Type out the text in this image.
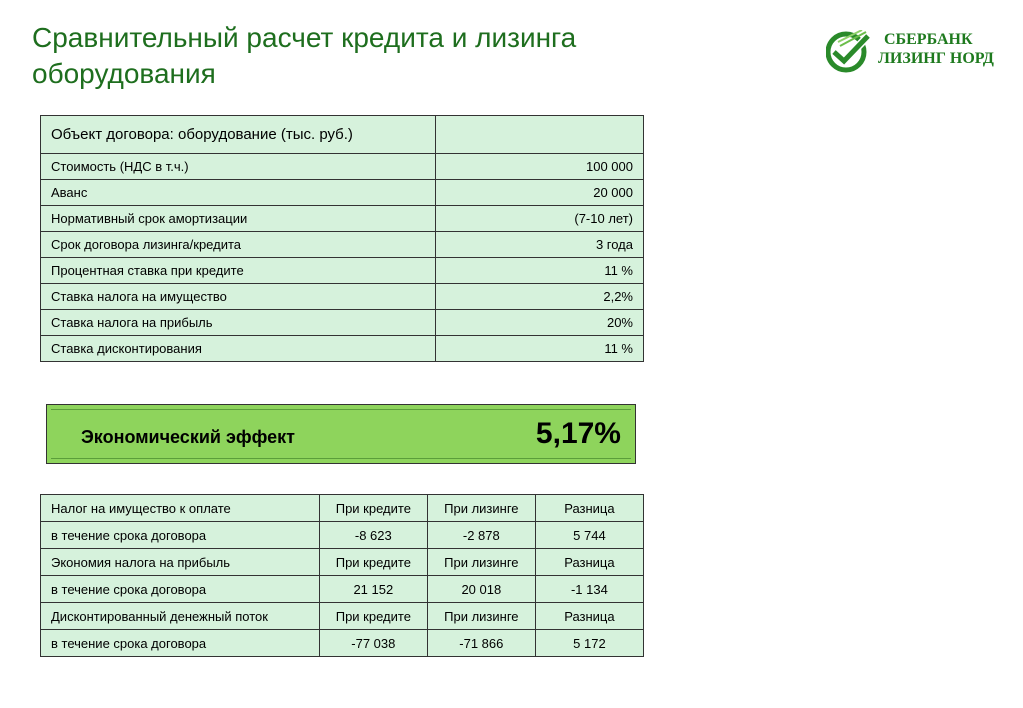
Сравнительный расчет кредита и лизинга оборудования
СБЕРБАНК
ЛИЗИНГ НОРД
Объект договора: оборудование (тыс. руб.)	
Стоимость (НДС в т.ч.)	100 000
Аванс	20 000
Нормативный срок амортизации	(7-10 лет)
Срок договора лизинга/кредита	3 года
Процентная ставка при кредите	11 %
Ставка налога на имущество	2,2%
Ставка налога на прибыль	20%
Ставка дисконтирования	11 %
Экономический эффект	5,17%
Налог на имущество к оплате	При кредите	При лизинге	Разница
в течение срока договора	-8 623	-2 878	5 744
Экономия налога на прибыль	При кредите	При лизинге	Разница
в течение срока договора	21 152	20 018	-1 134
Дисконтированный денежный поток	При кредите	При лизинге	Разница
в течение срока договора	-77 038	-71 866	5 172
